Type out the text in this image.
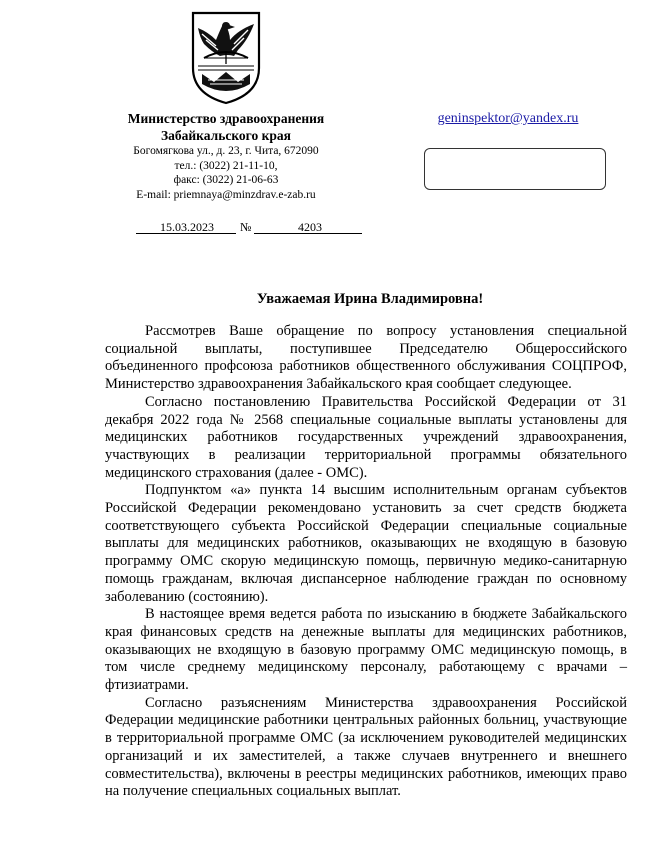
Министерство здравоохранения
Забайкальского края
Богомягкова ул., д. 23, г. Чита, 672090
тел.: (3022) 21-11-10,
факс: (3022) 21-06-63
E-mail: priemnaya@minzdrav.e-zab.ru
geninspektor@yandex.ru
15.03.2023 №	4203
Уважаемая Ирина Владимировна!

Рассмотрев Ваше обращение по вопросу установления специальной социальной выплаты, поступившее Председателю Общероссийского объединенного профсоюза работников общественного обслуживания СОЦПРОФ, Министерство здравоохранения Забайкальского края сообщает следующее.

Согласно постановлению Правительства Российской Федерации от 31 декабря 2022 года № 2568 специальные социальные выплаты установлены для медицинских работников государственных учреждений здравоохранения, участвующих в реализации территориальной программы обязательного медицинского страхования (далее - ОМС).

Подпунктом «а» пункта 14 высшим исполнительным органам субъектов Российской Федерации рекомендовано установить за счет средств бюджета соответствующего субъекта Российской Федерации специальные социальные выплаты для медицинских работников, оказывающих не входящую в базовую программу ОМС скорую медицинскую помощь, первичную медико-санитарную помощь гражданам, включая диспансерное наблюдение граждан по основному заболеванию (состоянию).

В настоящее время ведется работа по изысканию в бюджете Забайкальского края финансовых средств на денежные выплаты для медицинских работников, оказывающих не входящую в базовую программу ОМС медицинскую помощь, в том числе среднему медицинскому персоналу, работающему с врачами – фтизиатрами.

Согласно разъяснениям Министерства здравоохранения Российской Федерации медицинские работники центральных районных больниц, участвующие в территориальной программе ОМС (за исключением руководителей медицинских организаций и их заместителей, а также случаев внутреннего и внешнего совместительства), включены в реестры медицинских работников, имеющих право на получение специальных социальных выплат.
